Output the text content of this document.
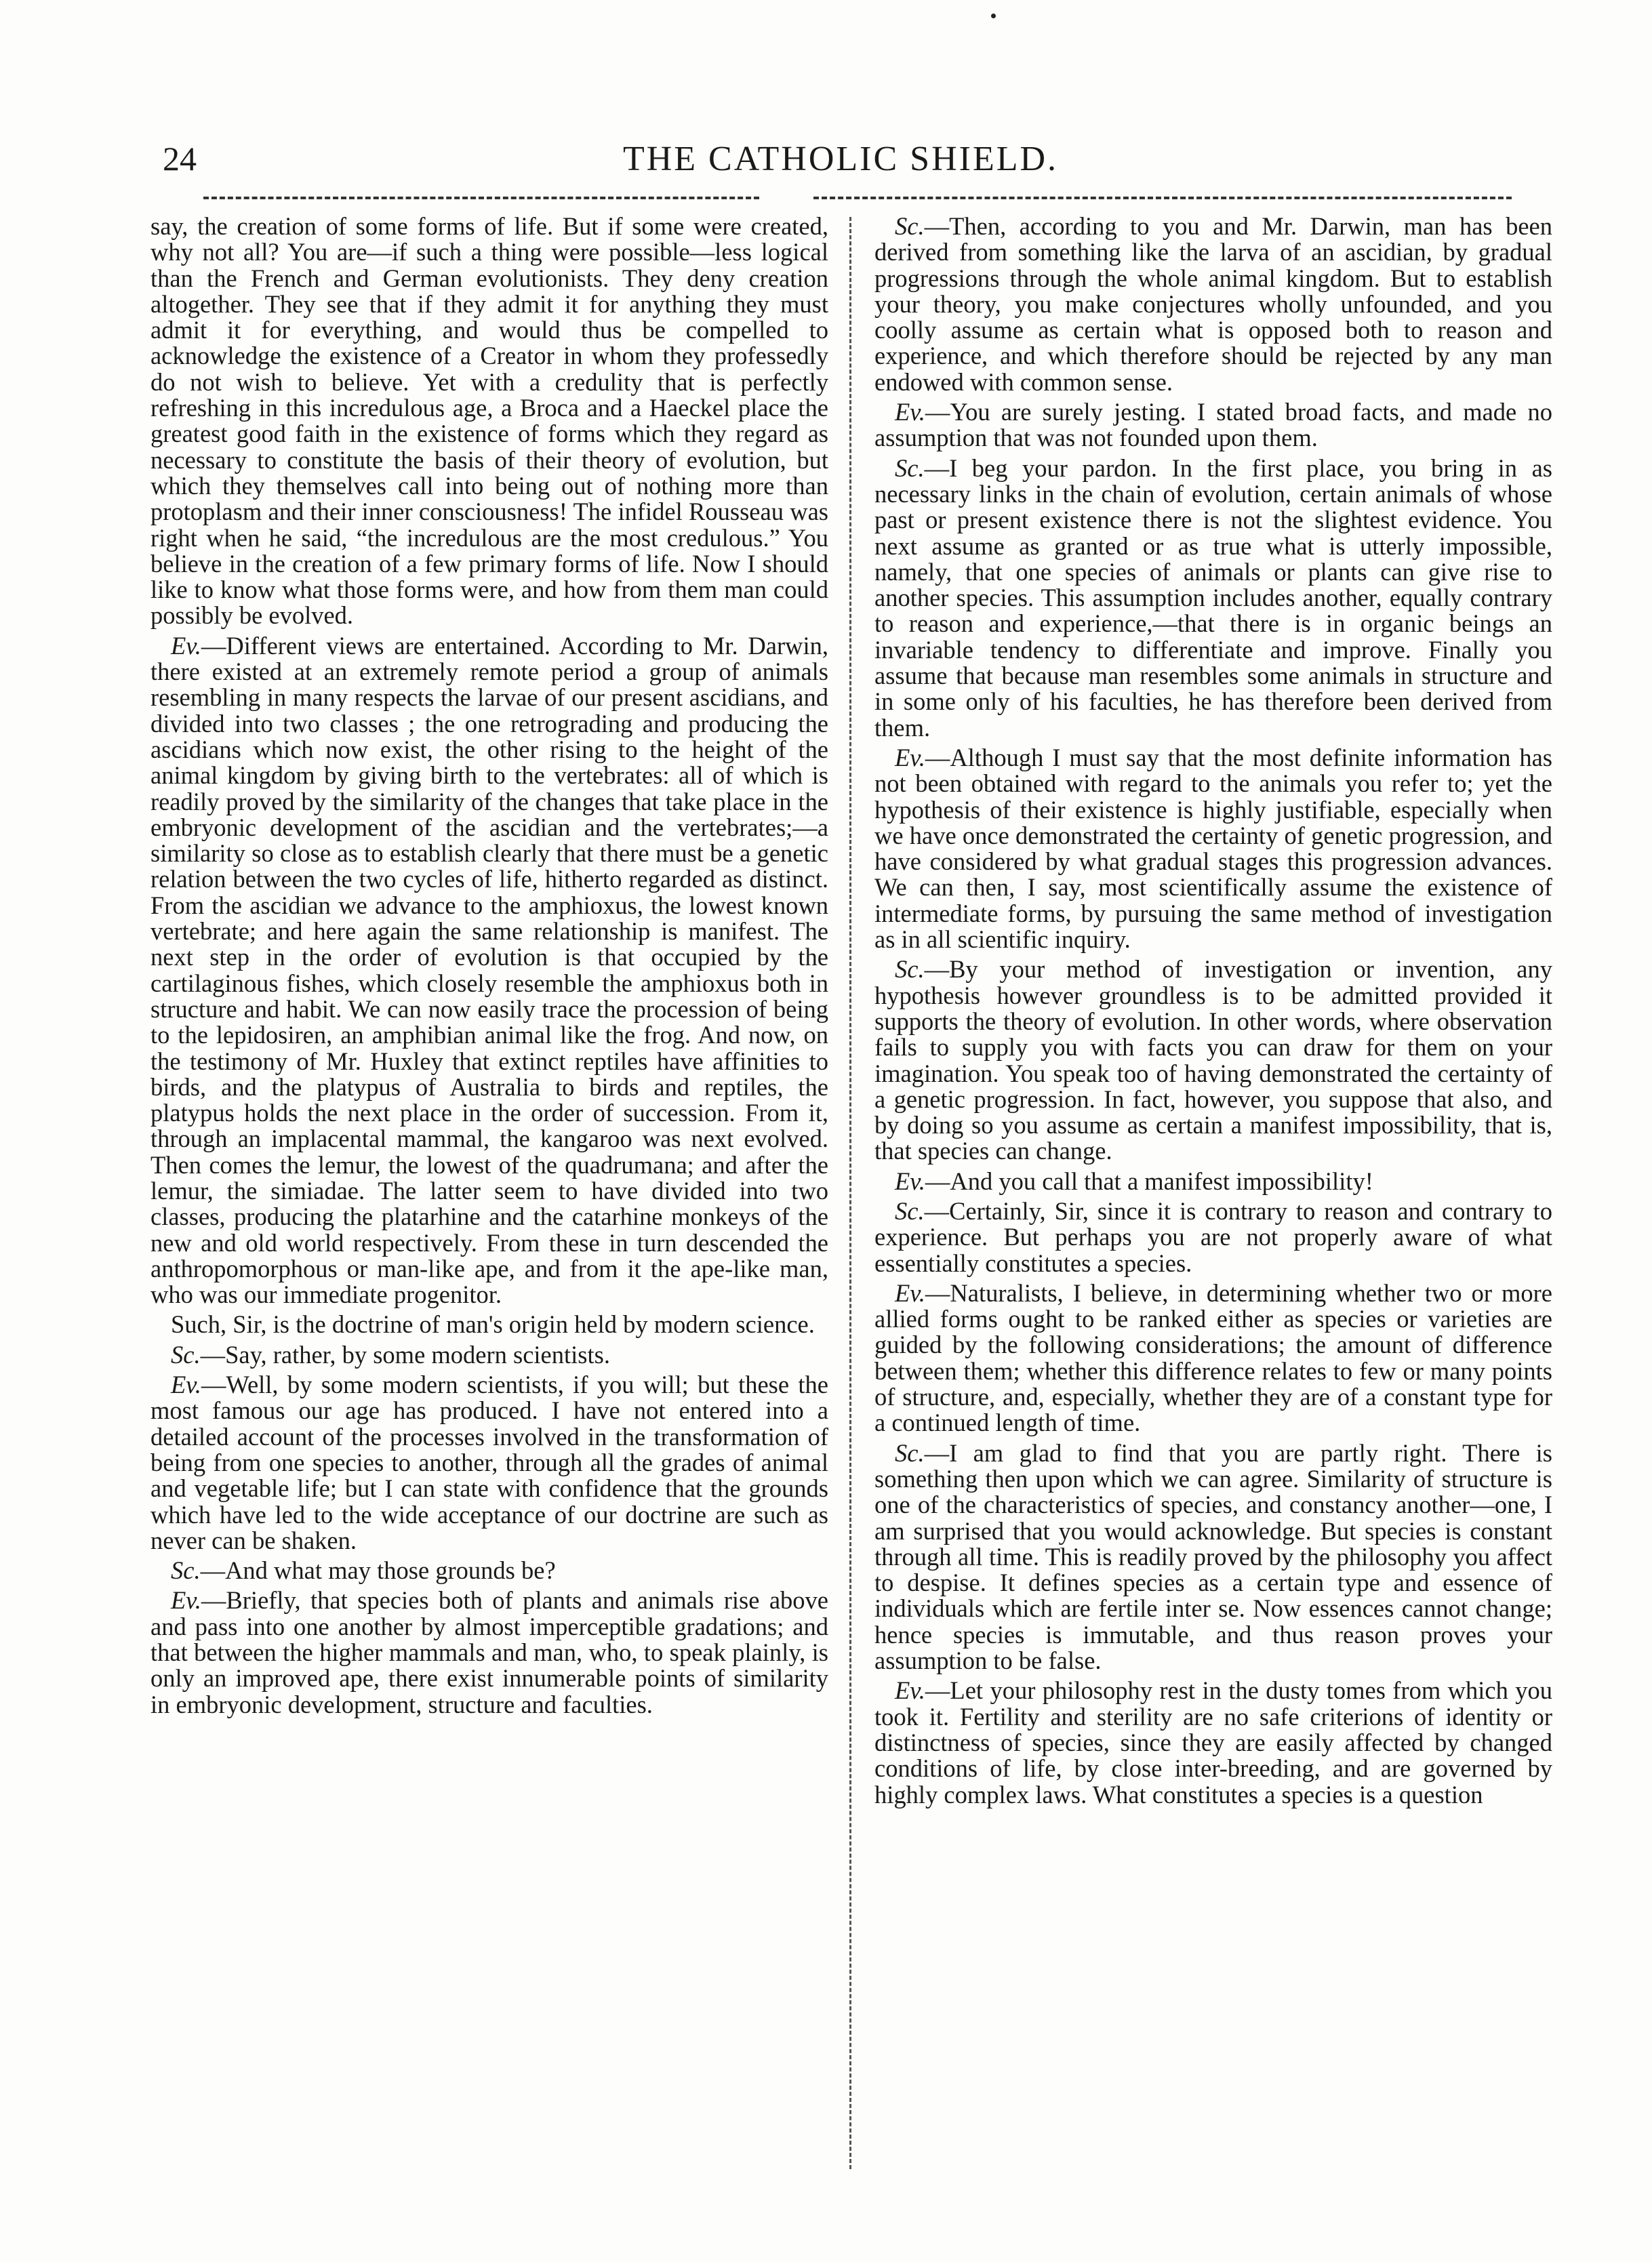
24	THE CATHOLIC SHIELD.

say, the creation of some forms of life. But if some were created, why not all? You are—if such a thing were possible—less logical than the French and German evolutionists. They deny creation altogether. They see that if they admit it for anything they must admit it for everything, and would thus be compelled to acknowledge the existence of a Creator in whom they professedly do not wish to believe. Yet with a credulity that is perfectly refreshing in this incredulous age, a Broca and a Haeckel place the greatest good faith in the existence of forms which they regard as necessary to constitute the basis of their theory of evolution, but which they themselves call into being out of nothing more than protoplasm and their inner consciousness! The infidel Rousseau was right when he said, “the incredulous are the most credulous.” You believe in the creation of a few primary forms of life. Now I should like to know what those forms were, and how from them man could possibly be evolved.

Ev.—Different views are entertained. According to Mr. Darwin, there existed at an extremely remote period a group of animals resembling in many respects the larvae of our present ascidians, and divided into two classes ; the one retrograding and producing the ascidians which now exist, the other rising to the height of the animal kingdom by giving birth to the vertebrates: all of which is readily proved by the similarity of the changes that take place in the embryonic development of the ascidian and the vertebrates;—a similarity so close as to establish clearly that there must be a genetic relation between the two cycles of life, hitherto regarded as distinct. From the ascidian we advance to the amphioxus, the lowest known vertebrate; and here again the same relationship is manifest. The next step in the order of evolution is that occupied by the cartilaginous fishes, which closely resemble the amphioxus both in structure and habit. We can now easily trace the procession of being to the lepidosiren, an amphibian animal like the frog. And now, on the testimony of Mr. Huxley that extinct reptiles have affinities to birds, and the platypus of Australia to birds and reptiles, the platypus holds the next place in the order of succession. From it, through an implacental mammal, the kangaroo was next evolved. Then comes the lemur, the lowest of the quadrumana; and after the lemur, the simiadae. The latter seem to have divided into two classes, producing the platarhine and the catarhine monkeys of the new and old world respectively. From these in turn descended the anthropomorphous or man-like ape, and from it the ape-like man, who was our immediate progenitor.

Such, Sir, is the doctrine of man's origin held by modern science.

Sc.—Say, rather, by some modern scientists.

Ev.—Well, by some modern scientists, if you will; but these the most famous our age has produced. I have not entered into a detailed account of the processes involved in the transformation of being from one species to another, through all the grades of animal and vegetable life; but I can state with confidence that the grounds which have led to the wide acceptance of our doctrine are such as never can be shaken.

Sc.—And what may those grounds be?

Ev.—Briefly, that species both of plants and animals rise above and pass into one another by almost imperceptible gradations; and that between the higher mammals and man, who, to speak plainly, is only an improved ape, there exist innumerable points of similarity in embryonic development, structure and faculties.

Sc.—Then, according to you and Mr. Darwin, man has been derived from something like the larva of an ascidian, by gradual progressions through the whole animal kingdom. But to establish your theory, you make conjectures wholly unfounded, and you coolly assume as certain what is opposed both to reason and experience, and which therefore should be rejected by any man endowed with common sense.

Ev.—You are surely jesting. I stated broad facts, and made no assumption that was not founded upon them.

Sc.—I beg your pardon. In the first place, you bring in as necessary links in the chain of evolution, certain animals of whose past or present existence there is not the slightest evidence. You next assume as granted or as true what is utterly impossible, namely, that one species of animals or plants can give rise to another species. This assumption includes another, equally contrary to reason and experience,—that there is in organic beings an invariable tendency to differentiate and improve. Finally you assume that because man resembles some animals in structure and in some only of his faculties, he has therefore been derived from them.

Ev.—Although I must say that the most definite information has not been obtained with regard to the animals you refer to; yet the hypothesis of their existence is highly justifiable, especially when we have once demonstrated the certainty of genetic progression, and have considered by what gradual stages this progression advances. We can then, I say, most scientifically assume the existence of intermediate forms, by pursuing the same method of investigation as in all scientific inquiry.

Sc.—By your method of investigation or invention, any hypothesis however groundless is to be admitted provided it supports the theory of evolution. In other words, where observation fails to supply you with facts you can draw for them on your imagination. You speak too of having demonstrated the certainty of a genetic progression. In fact, however, you suppose that also, and by doing so you assume as certain a manifest impossibility, that is, that species can change.

Ev.—And you call that a manifest impossibility!

Sc.—Certainly, Sir, since it is contrary to reason and contrary to experience. But perhaps you are not properly aware of what essentially constitutes a species.

Ev.—Naturalists, I believe, in determining whether two or more allied forms ought to be ranked either as species or varieties are guided by the following considerations; the amount of difference between them; whether this difference relates to few or many points of structure, and, especially, whether they are of a constant type for a continued length of time.

Sc.—I am glad to find that you are partly right. There is something then upon which we can agree. Similarity of structure is one of the characteristics of species, and constancy another—one, I am surprised that you would acknowledge. But species is constant through all time. This is readily proved by the philosophy you affect to despise. It defines species as a certain type and essence of individuals which are fertile inter se. Now essences cannot change; hence species is immutable, and thus reason proves your assumption to be false.

Ev.—Let your philosophy rest in the dusty tomes from which you took it. Fertility and sterility are no safe criterions of identity or distinctness of species, since they are easily affected by changed conditions of life, by close inter-breeding, and are governed by highly complex laws. What constitutes a species is a question
